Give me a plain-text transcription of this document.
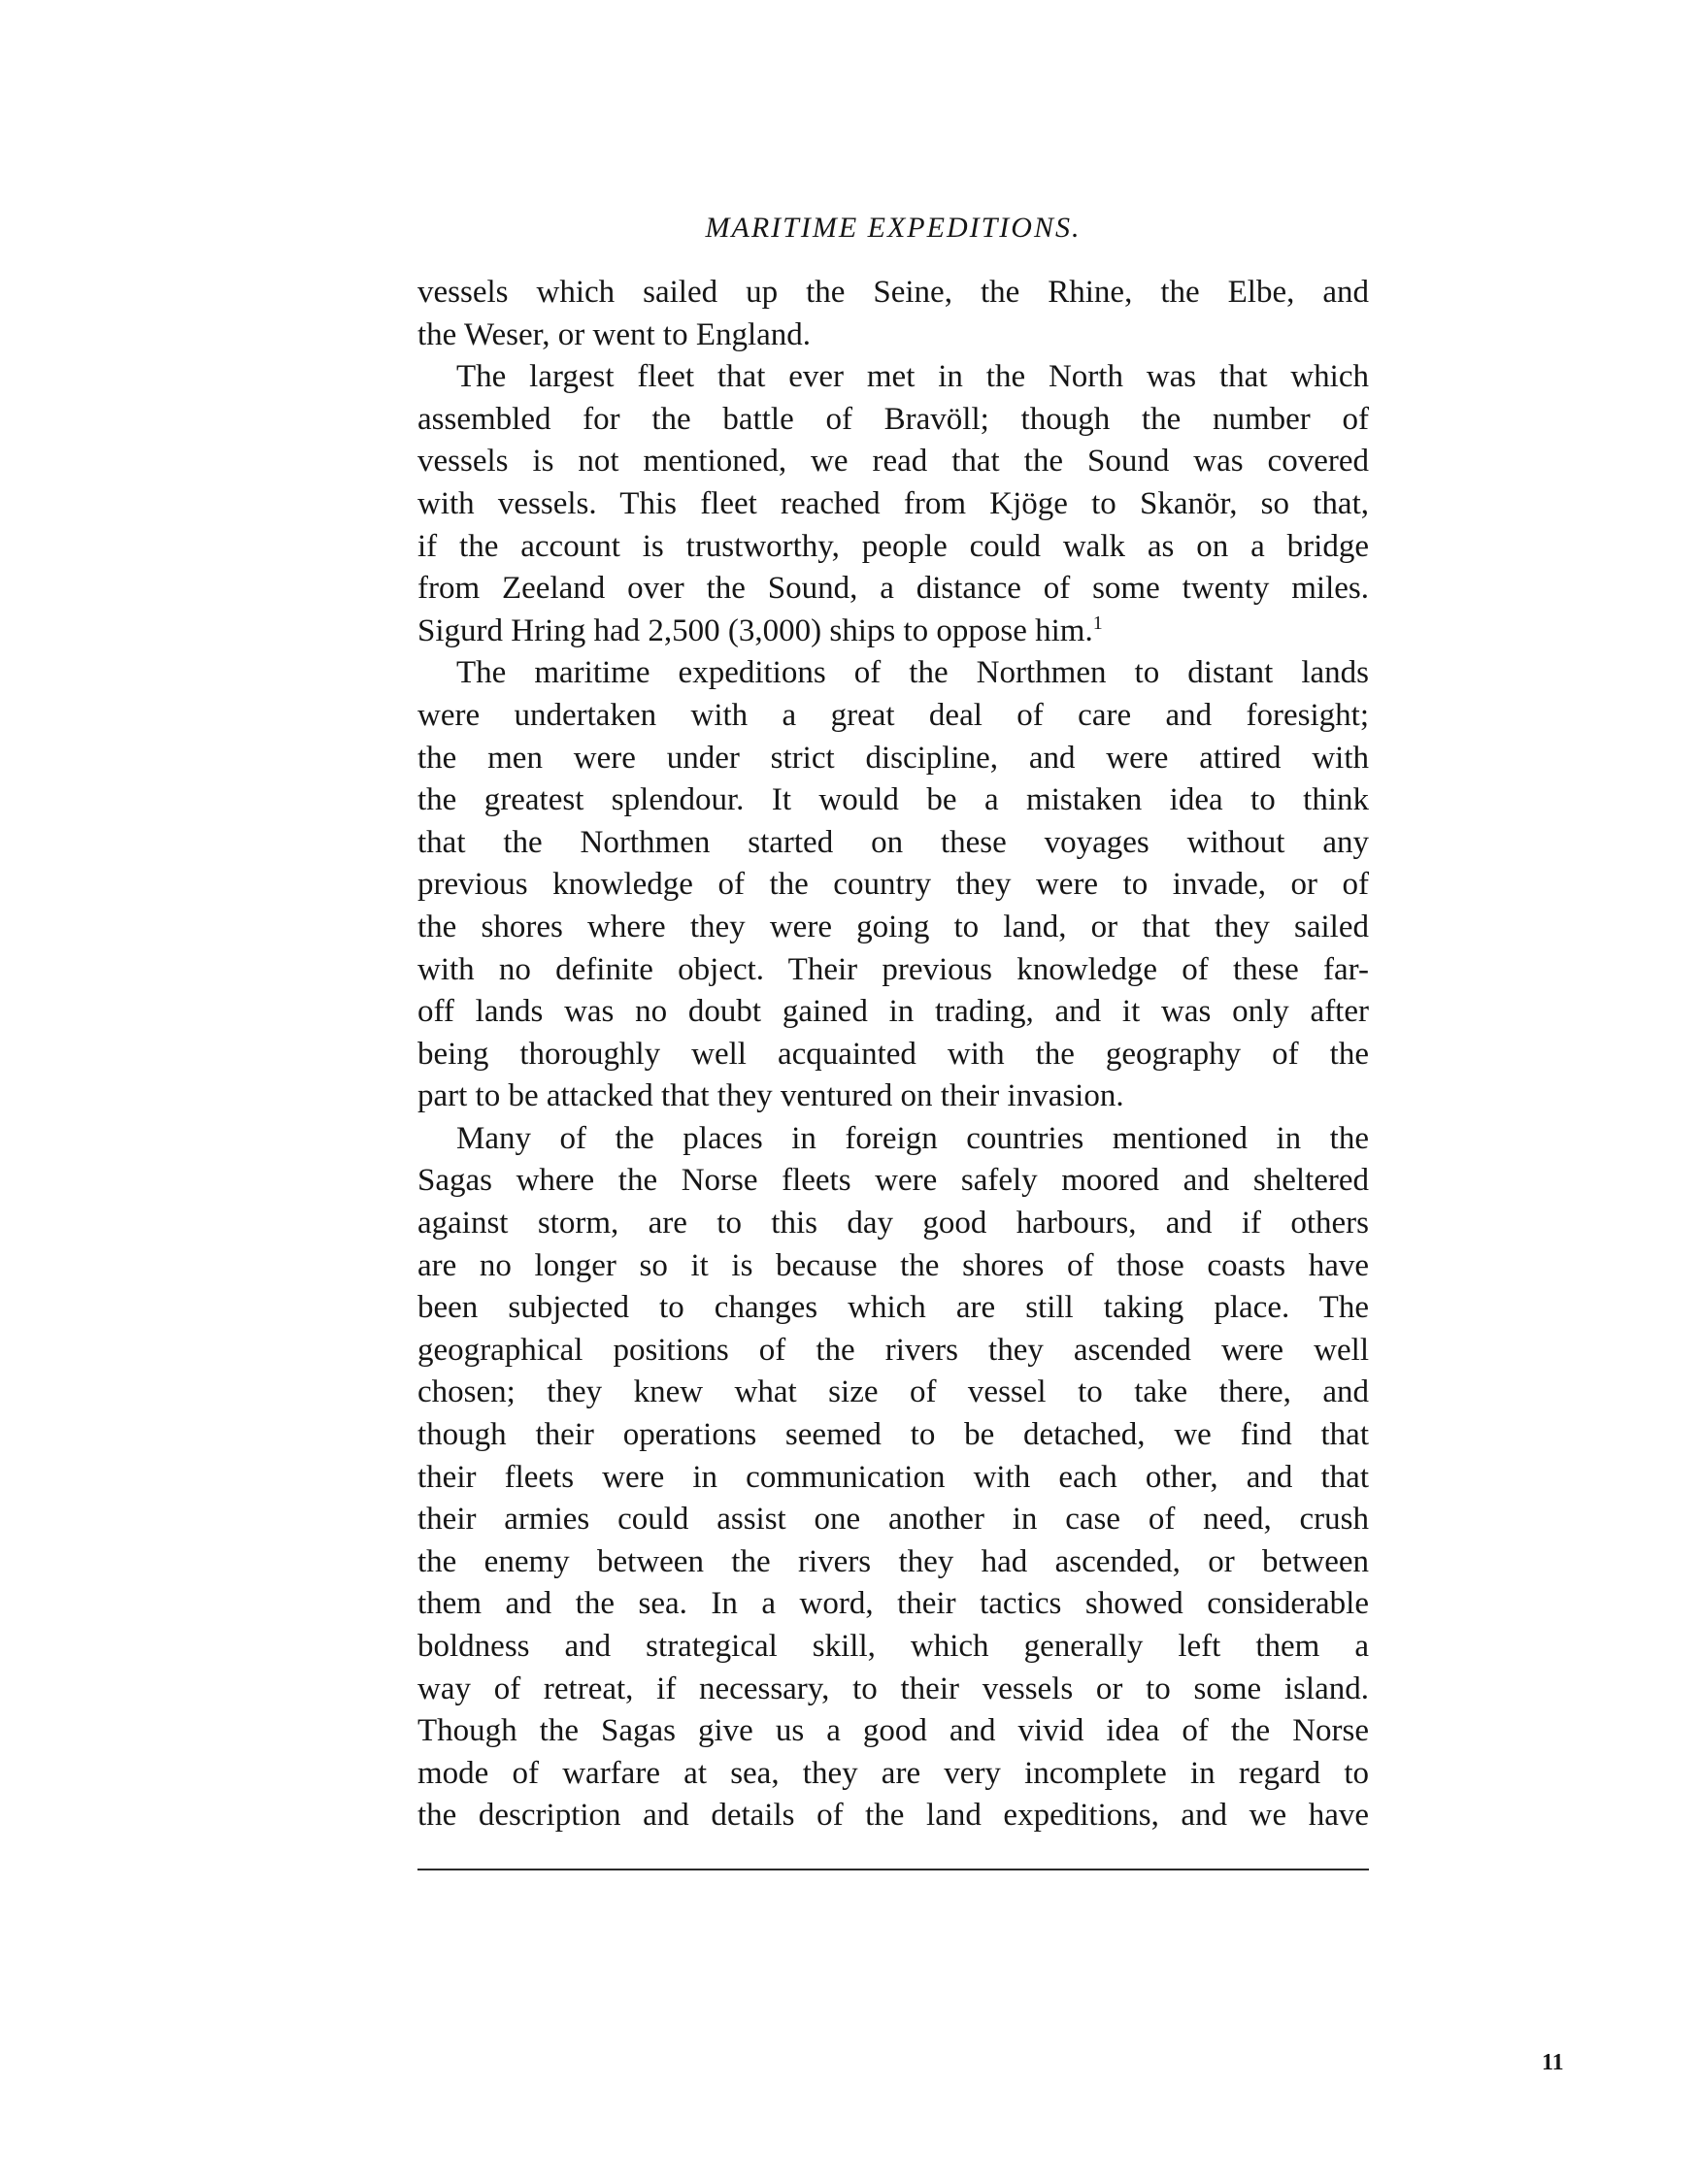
MARITIME EXPEDITIONS.
vessels which sailed up the Seine, the Rhine, the Elbe, and
the Weser, or went to England.
The largest fleet that ever met in the North was that which
assembled for the battle of Bravöll; though the number of
vessels is not mentioned, we read that the Sound was covered
with vessels. This fleet reached from Kjöge to Skanör, so that,
if the account is trustworthy, people could walk as on a bridge
from Zeeland over the Sound, a distance of some twenty miles.
Sigurd Hring had 2,500 (3,000) ships to oppose him.$^1$
The maritime expeditions of the Northmen to distant lands
were undertaken with a great deal of care and foresight;
the men were under strict discipline, and were attired with
the greatest splendour. It would be a mistaken idea to think
that the Northmen started on these voyages without any
previous knowledge of the country they were to invade, or of
the shores where they were going to land, or that they sailed
with no definite object. Their previous knowledge of these far-
off lands was no doubt gained in trading, and it was only after
being thoroughly well acquainted with the geography of the
part to be attacked that they ventured on their invasion.
Many of the places in foreign countries mentioned in the
Sagas where the Norse fleets were safely moored and sheltered
against storm, are to this day good harbours, and if others
are no longer so it is because the shores of those coasts have
been subjected to changes which are still taking place. The
geographical positions of the rivers they ascended were well
chosen; they knew what size of vessel to take there, and
though their operations seemed to be detached, we find that
their fleets were in communication with each other, and that
their armies could assist one another in case of need, crush
the enemy between the rivers they had ascended, or between
them and the sea. In a word, their tactics showed considerable
boldness and strategical skill, which generally left them a
way of retreat, if necessary, to their vessels or to some island.
Though the Sagas give us a good and vivid idea of the Norse
mode of warfare at sea, they are very incomplete in regard to
the description and details of the land expeditions, and we have
11
